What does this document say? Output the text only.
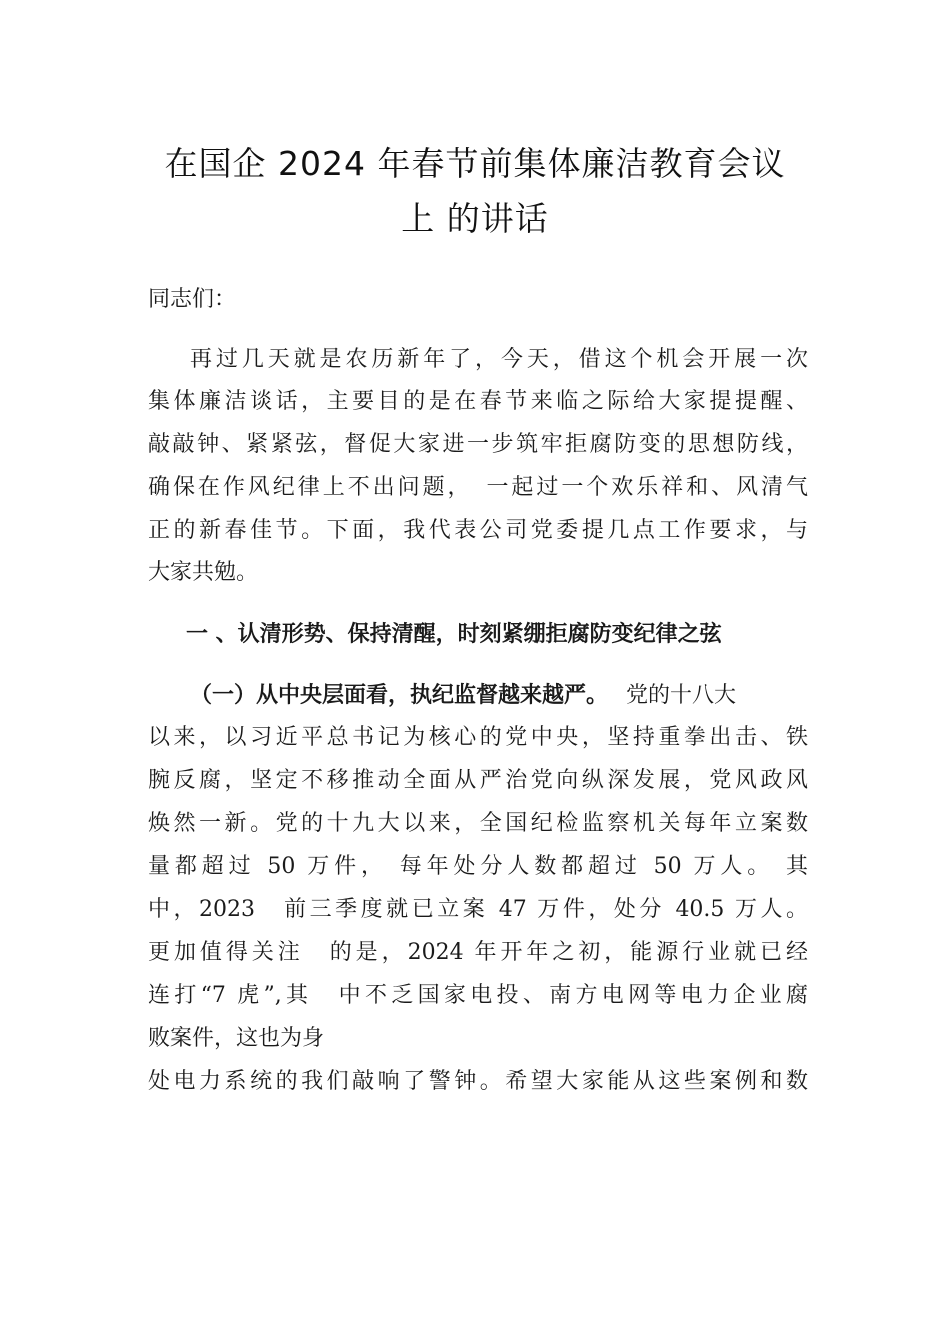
在国企 2024 年春节前集体廉洁教育会议
上 的讲话
同志们：
再过几天就是农历新年了，今天，借这个机会开展一次
集体廉洁谈话，主要目的是在春节来临之际给大家提提醒、
敲敲钟、紧紧弦，督促大家进一步筑牢拒腐防变的思想防线，
确保在作风纪律上不出问题，　一起过一个欢乐祥和、风清气
正的新春佳节。下面，我代表公司党委提几点工作要求，与
大家共勉。
一 、认清形势、保持清醒，时刻紧绷拒腐防变纪律之弦
（一）从中央层面看，执纪监督越来越严。 党的十八大
以来，以习近平总书记为核心的党中央，坚持重拳出击、铁
腕反腐，坚定不移推动全面从严治党向纵深发展，党风政风
焕然一新。党的十九大以来，全国纪检监察机关每年立案数
量都超过 50 万件， 每年处分人数都超过 50 万人。 其
中，2023　前三季度就已立案 47 万件，处分 40.5 万人。
更加值得关注　的是，2024 年开年之初，能源行业就已经
连打“7 虎”,其　中不乏国家电投、南方电网等电力企业腐
败案件，这也为身
处电力系统的我们敲响了警钟。希望大家能从这些案例和数
